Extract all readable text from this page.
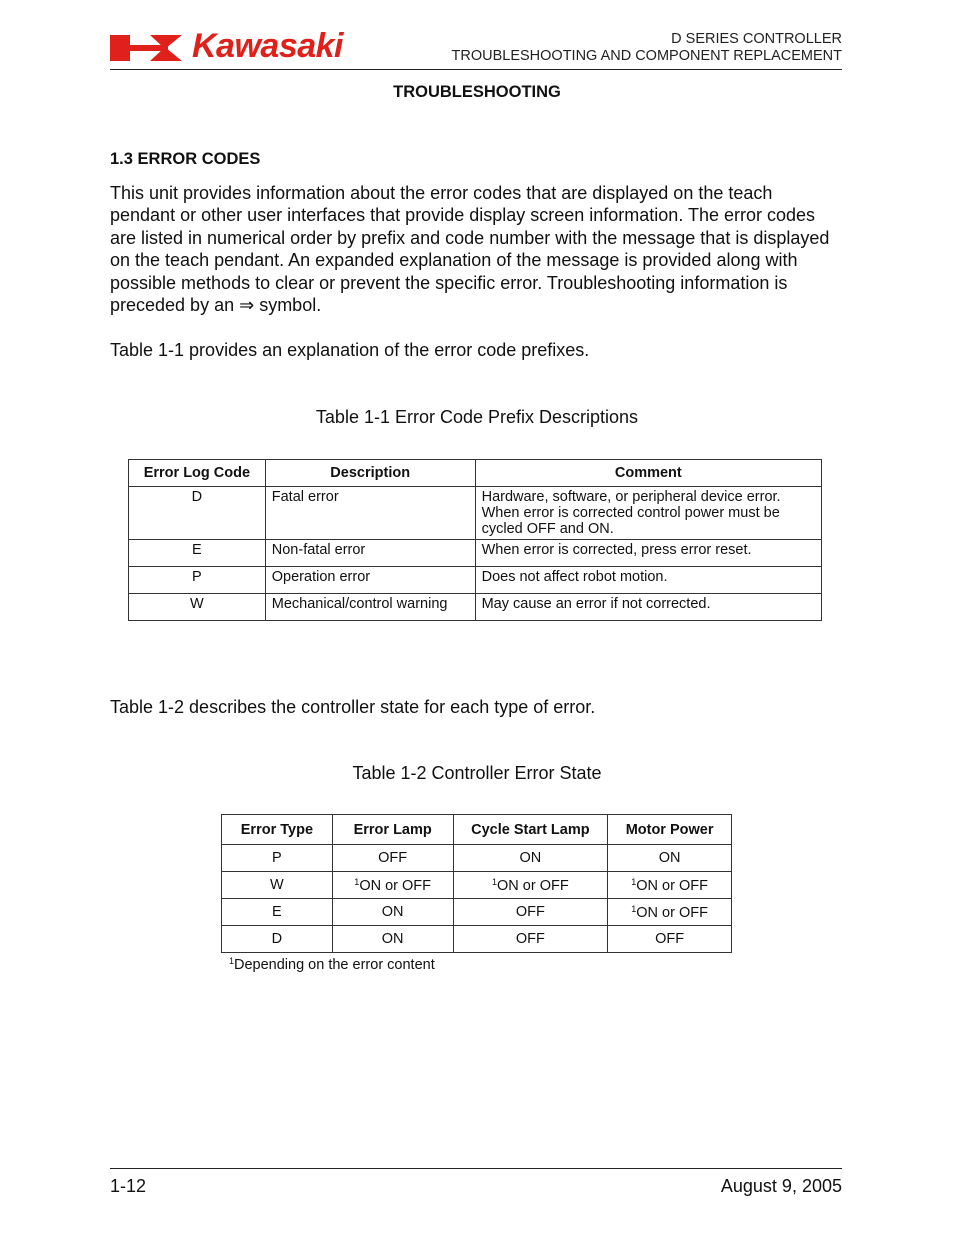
Kawasaki	D SERIES CONTROLLER
TROUBLESHOOTING AND COMPONENT REPLACEMENT
TROUBLESHOOTING
1.3 ERROR CODES
This unit provides information about the error codes that are displayed on the teach pendant or other user interfaces that provide display screen information. The error codes are listed in numerical order by prefix and code number with the message that is displayed on the teach pendant. An expanded explanation of the message is provided along with possible methods to clear or prevent the specific error. Troubleshooting information is preceded by an ⇒ symbol.
Table 1-1 provides an explanation of the error code prefixes.
Table 1-1 Error Code Prefix Descriptions
Error Log Code	Description	Comment
D	Fatal error	Hardware, software, or peripheral device error. When error is corrected control power must be cycled OFF and ON.
E	Non-fatal error	When error is corrected, press error reset.
P	Operation error	Does not affect robot motion.
W	Mechanical/control warning	May cause an error if not corrected.
Table 1-2 describes the controller state for each type of error.
Table 1-2 Controller Error State
Error Type	Error Lamp	Cycle Start Lamp	Motor Power
P	OFF	ON	ON
W	$^1$ON or OFF	$^1$ON or OFF	$^1$ON or OFF
E	ON	OFF	$^1$ON or OFF
D	ON	OFF	OFF
$^1$Depending on the error content
1-12	August 9, 2005
